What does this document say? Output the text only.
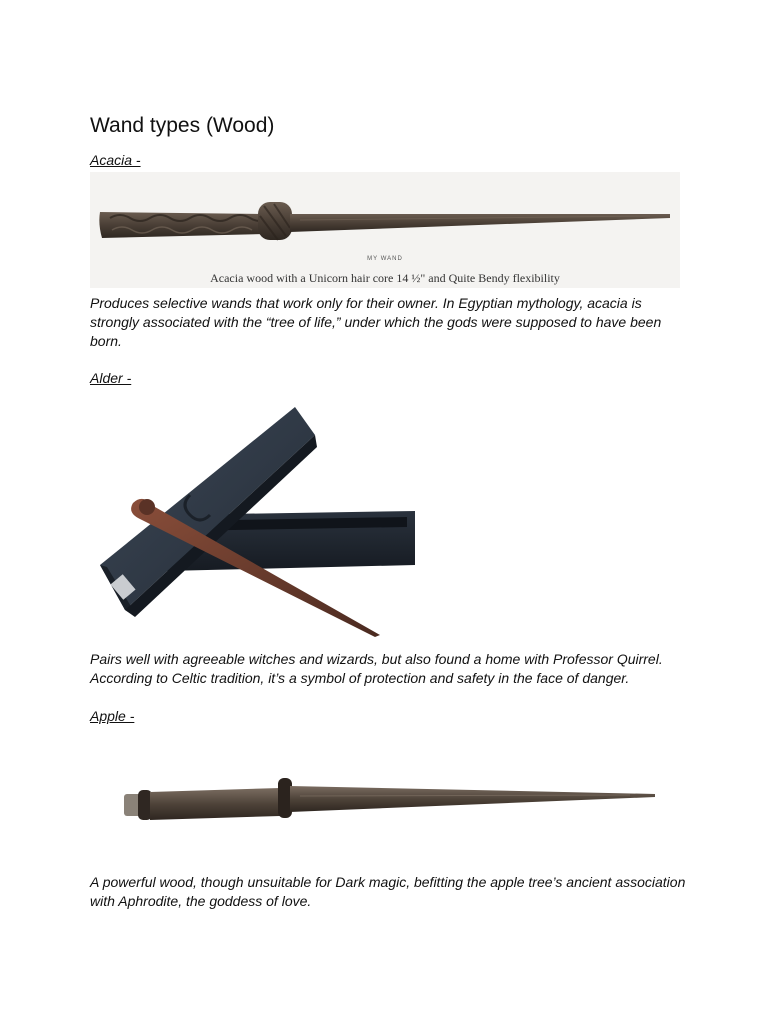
Wand types (Wood)

Acacia -

MY WAND
Acacia wood with a Unicorn hair core 14 ½" and Quite Bendy flexibility

Produces selective wands that work only for their owner. In Egyptian mythology, acacia is strongly associated with the “tree of life,” under which the gods were supposed to have been born.

Alder -

Pairs well with agreeable witches and wizards, but also found a home with Professor Quirrel. According to Celtic tradition, it’s a symbol of protection and safety in the face of danger.

Apple -

A powerful wood, though unsuitable for Dark magic, befitting the apple tree’s ancient association with Aphrodite, the goddess of love.
